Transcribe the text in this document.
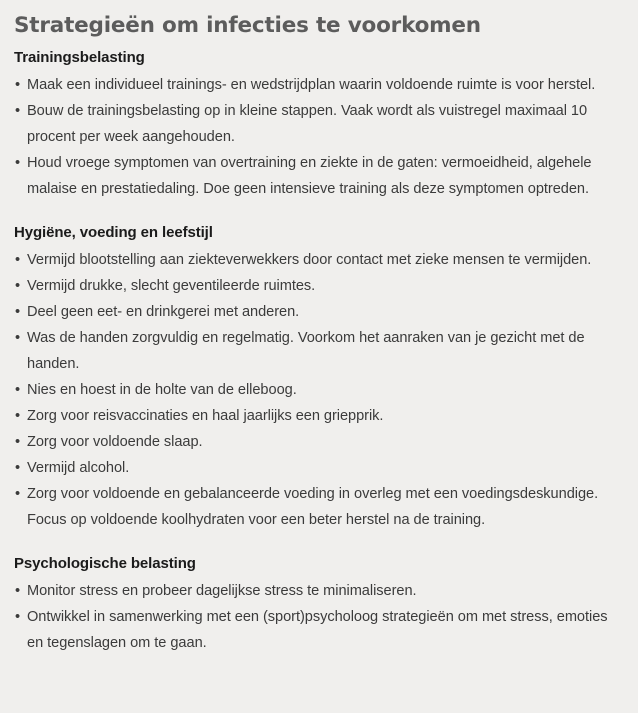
Strategieën om infecties te voorkomen
Trainingsbelasting
• Maak een individueel trainings- en wedstrijdplan waarin voldoende ruimte is voor herstel.
• Bouw de trainingsbelasting op in kleine stappen. Vaak wordt als vuistregel maximaal 10 procent per week aangehouden.
• Houd vroege symptomen van overtraining en ziekte in de gaten: vermoeidheid, algehele malaise en prestatiedaling. Doe geen intensieve training als deze symptomen optreden.
Hygiëne, voeding en leefstijl
• Vermijd blootstelling aan ziekteverwekkers door contact met zieke mensen te vermijden.
• Vermijd drukke, slecht geventileerde ruimtes.
• Deel geen eet- en drinkgerei met anderen.
• Was de handen zorgvuldig en regelmatig. Voorkom het aanraken van je gezicht met de handen.
• Nies en hoest in de holte van de elleboog.
• Zorg voor reisvaccinaties en haal jaarlijks een griepprik.
• Zorg voor voldoende slaap.
• Vermijd alcohol.
• Zorg voor voldoende en gebalanceerde voeding in overleg met een voedingsdeskundige. Focus op voldoende koolhydraten voor een beter herstel na de training.
Psychologische belasting
• Monitor stress en probeer dagelijkse stress te minimaliseren.
• Ontwikkel in samenwerking met een (sport)psycholoog strategieën om met stress, emoties en tegenslagen om te gaan.
